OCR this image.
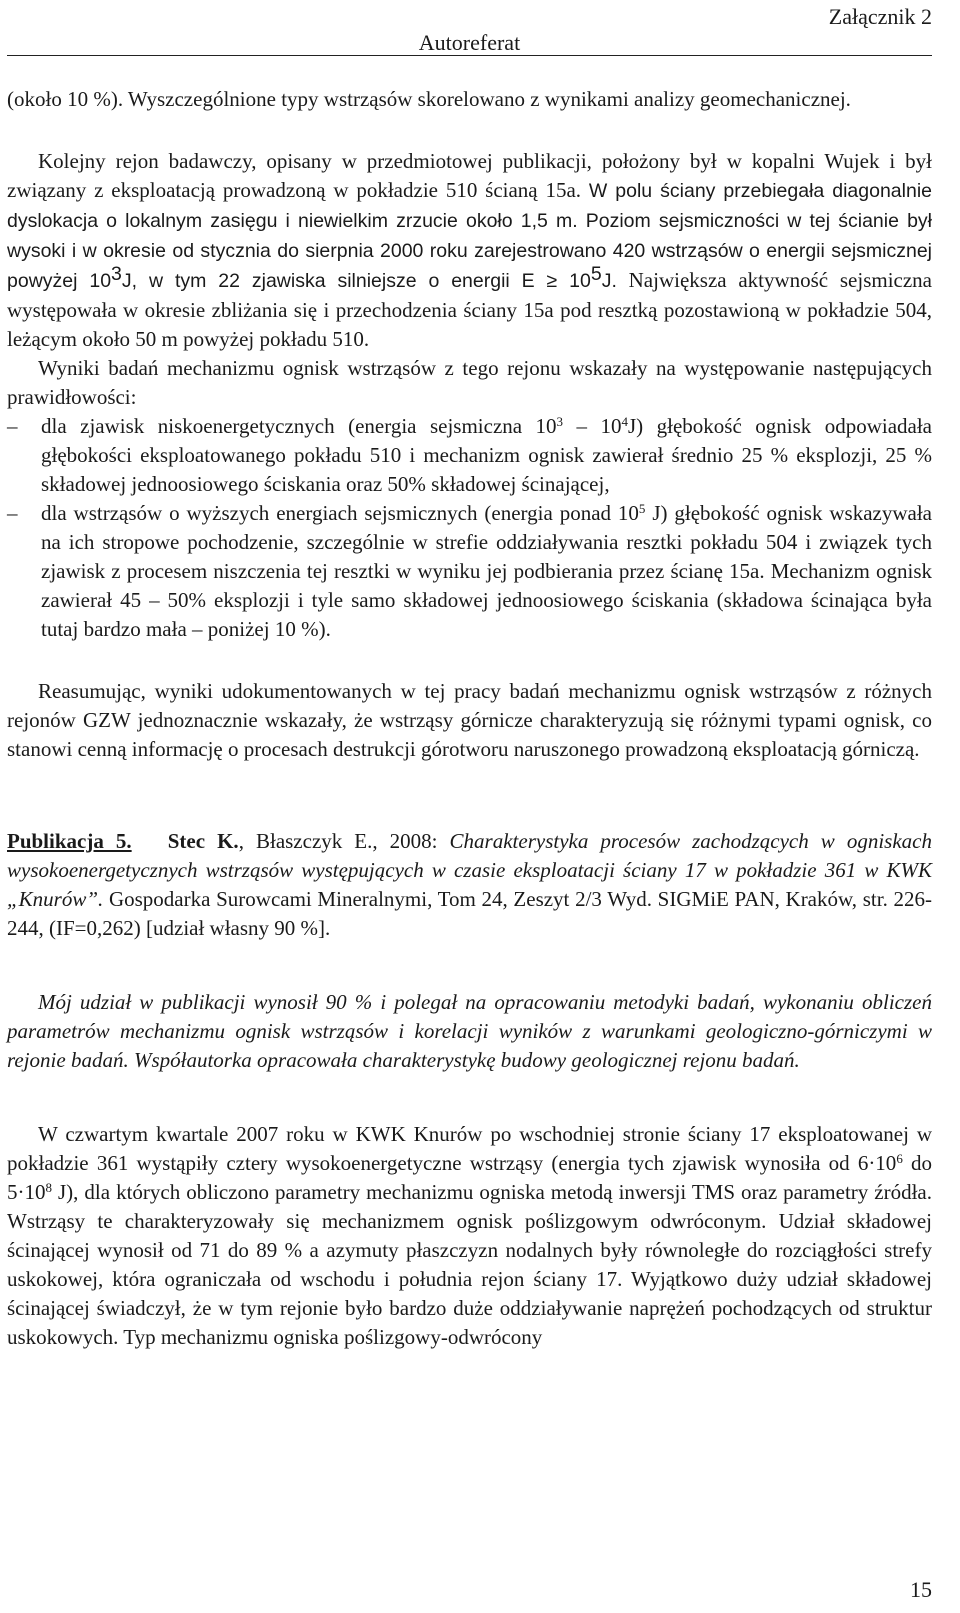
Załącznik 2
Autoreferat

(około 10 %). Wyszczególnione typy wstrząsów skorelowano z wynikami analizy geomechanicznej.

Kolejny rejon badawczy, opisany w przedmiotowej publikacji, położony był w kopalni Wujek i był związany z eksploatacją prowadzoną w pokładzie 510 ścianą 15a. W polu ściany przebiegała diagonalnie dyslokacja o lokalnym zasięgu i niewielkim zrzucie około 1,5 m. Poziom sejsmiczności w tej ścianie był wysoki i w okresie od stycznia do sierpnia 2000 roku zarejestrowano 420 wstrząsów o energii sejsmicznej powyżej $10^3J$, w tym 22 zjawiska silniejsze o energii $E \ge 10^5J$. Największa aktywność sejsmiczna występowała w okresie zbliżania się i przechodzenia ściany 15a pod resztką pozostawioną w pokładzie 504, leżącym około 50 m powyżej pokładu 510.

Wyniki badań mechanizmu ognisk wstrząsów z tego rejonu wskazały na występowanie następujących prawidłowości:

– dla zjawisk niskoenergetycznych (energia sejsmiczna $10^3 - 10^4J$) głębokość ognisk odpowiadała głębokości eksploatowanego pokładu 510 i mechanizm ognisk zawierał średnio 25 % eksplozji, 25 % składowej jednoosiowego ściskania oraz 50% składowej ścinającej,

– dla wstrząsów o wyższych energiach sejsmicznych (energia ponad $10^5$ J) głębokość ognisk wskazywała na ich stropowe pochodzenie, szczególnie w strefie oddziaływania resztki pokładu 504 i związek tych zjawisk z procesem niszczenia tej resztki w wyniku jej podbierania przez ścianę 15a. Mechanizm ognisk zawierał 45 – 50% eksplozji i tyle samo składowej jednoosiowego ściskania (składowa ścinająca była tutaj bardzo mała – poniżej 10 %).

Reasumując, wyniki udokumentowanych w tej pracy badań mechanizmu ognisk wstrząsów z różnych rejonów GZW jednoznacznie wskazały, że wstrząsy górnicze charakteryzują się różnymi typami ognisk, co stanowi cenną informację o procesach destrukcji górotworu naruszonego prowadzoną eksploatacją górniczą.

Publikacja 5. Stec K., Błaszczyk E., 2008: Charakterystyka procesów zachodzących w ogniskach wysokoenergetycznych wstrząsów występujących w czasie eksploatacji ściany 17 w pokładzie 361 w KWK „Knurów”. Gospodarka Surowcami Mineralnymi, Tom 24, Zeszyt 2/3 Wyd. SIGMiE PAN, Kraków, str. 226-244, (IF=0,262) [udział własny 90 %].

Mój udział w publikacji wynosił 90 % i polegał na opracowaniu metodyki badań, wykonaniu obliczeń parametrów mechanizmu ognisk wstrząsów i korelacji wyników z warunkami geologiczno-górniczymi w rejonie badań. Współautorka opracowała charakterystykę budowy geologicznej rejonu badań.

W czwartym kwartale 2007 roku w KWK Knurów po wschodniej stronie ściany 17 eksploatowanej w pokładzie 361 wystąpiły cztery wysokoenergetyczne wstrząsy (energia tych zjawisk wynosiła od $6\cdot 10^6$ do $5\cdot 10^8$ J), dla których obliczono parametry mechanizmu ogniska metodą inwersji TMS oraz parametry źródła. Wstrząsy te charakteryzowały się mechanizmem ognisk poślizgowym odwróconym. Udział składowej ścinającej wynosił od 71 do 89 % a azymuty płaszczyzn nodalnych były równoległe do rozciągłości strefy uskokowej, która ograniczała od wschodu i południa rejon ściany 17. Wyjątkowo duży udział składowej ścinającej świadczył, że w tym rejonie było bardzo duże oddziaływanie naprężeń pochodzących od struktur uskokowych. Typ mechanizmu ogniska poślizgowy-odwrócony

15
